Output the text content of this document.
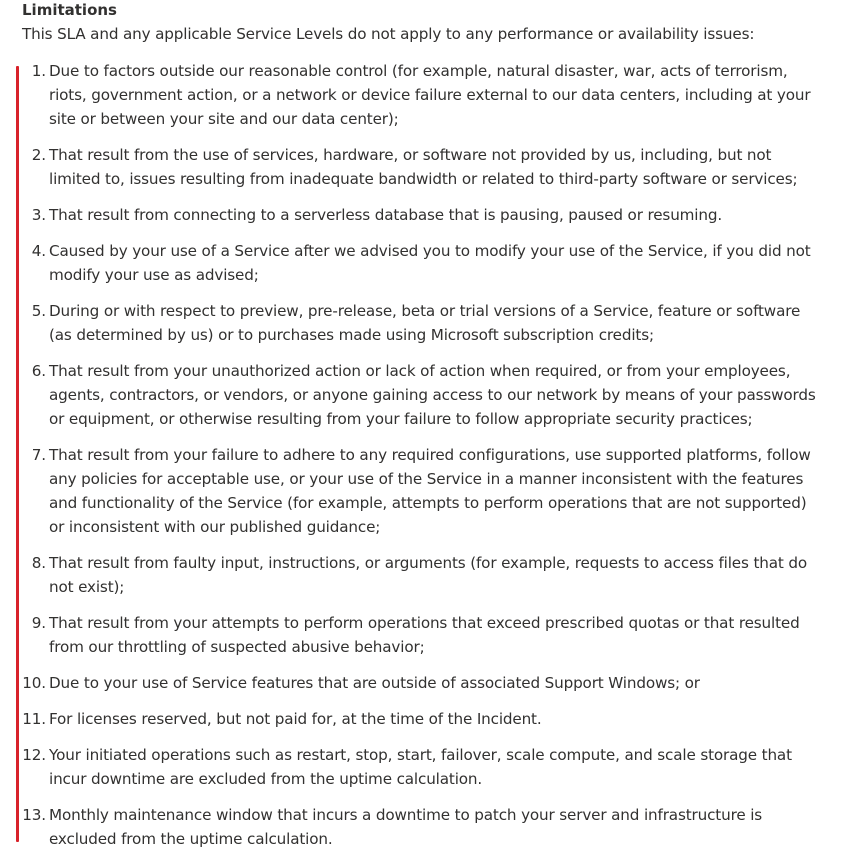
Limitations

This SLA and any applicable Service Levels do not apply to any performance or availability issues:

1. Due to factors outside our reasonable control (for example, natural disaster, war, acts of terrorism, riots, government action, or a network or device failure external to our data centers, including at your site or between your site and our data center);
2. That result from the use of services, hardware, or software not provided by us, including, but not limited to, issues resulting from inadequate bandwidth or related to third-party software or services;
3. That result from connecting to a serverless database that is pausing, paused or resuming.
4. Caused by your use of a Service after we advised you to modify your use of the Service, if you did not modify your use as advised;
5. During or with respect to preview, pre-release, beta or trial versions of a Service, feature or software (as determined by us) or to purchases made using Microsoft subscription credits;
6. That result from your unauthorized action or lack of action when required, or from your employees, agents, contractors, or vendors, or anyone gaining access to our network by means of your passwords or equipment, or otherwise resulting from your failure to follow appropriate security practices;
7. That result from your failure to adhere to any required configurations, use supported platforms, follow any policies for acceptable use, or your use of the Service in a manner inconsistent with the features and functionality of the Service (for example, attempts to perform operations that are not supported) or inconsistent with our published guidance;
8. That result from faulty input, instructions, or arguments (for example, requests to access files that do not exist);
9. That result from your attempts to perform operations that exceed prescribed quotas or that resulted from our throttling of suspected abusive behavior;
10. Due to your use of Service features that are outside of associated Support Windows; or
11. For licenses reserved, but not paid for, at the time of the Incident.
12. Your initiated operations such as restart, stop, start, failover, scale compute, and scale storage that incur downtime are excluded from the uptime calculation.
13. Monthly maintenance window that incurs a downtime to patch your server and infrastructure is excluded from the uptime calculation.
